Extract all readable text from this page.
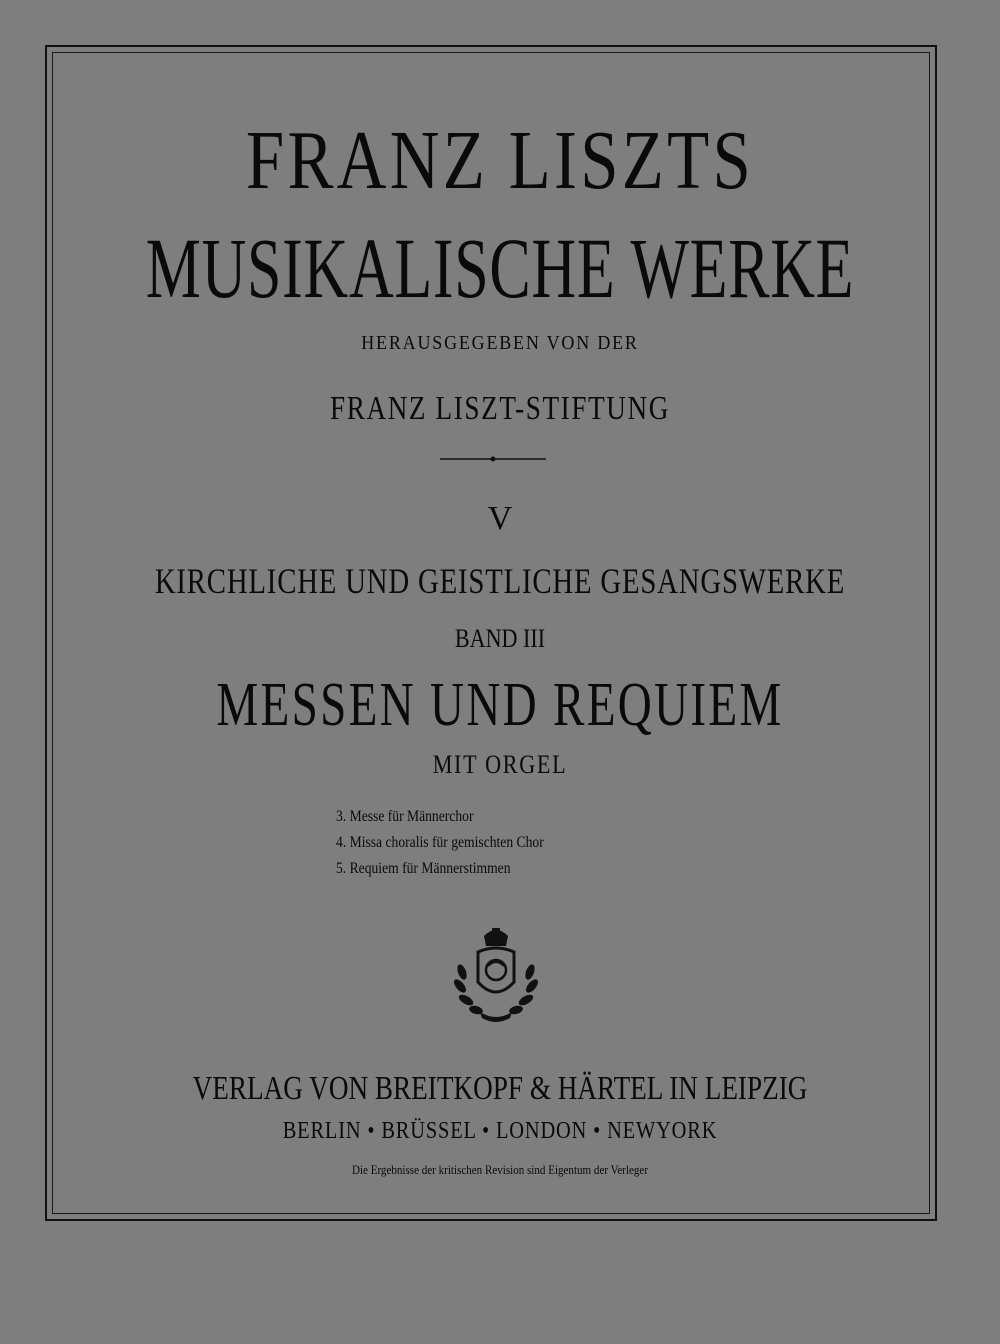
FRANZ LISZTS
MUSIKALISCHE WERKE
HERAUSGEGEBEN VON DER
FRANZ LISZT-STIFTUNG
V
KIRCHLICHE UND GEISTLICHE GESANGSWERKE
BAND III
MESSEN UND REQUIEM
MIT ORGEL
3. Messe für Männerchor
4. Missa choralis für gemischten Chor
5. Requiem für Männerstimmen
VERLAG VON BREITKOPF & HÄRTEL IN LEIPZIG
BERLIN • BRÜSSEL • LONDON • NEWYORK
Die Ergebnisse der kritischen Revision sind Eigentum der Verleger
